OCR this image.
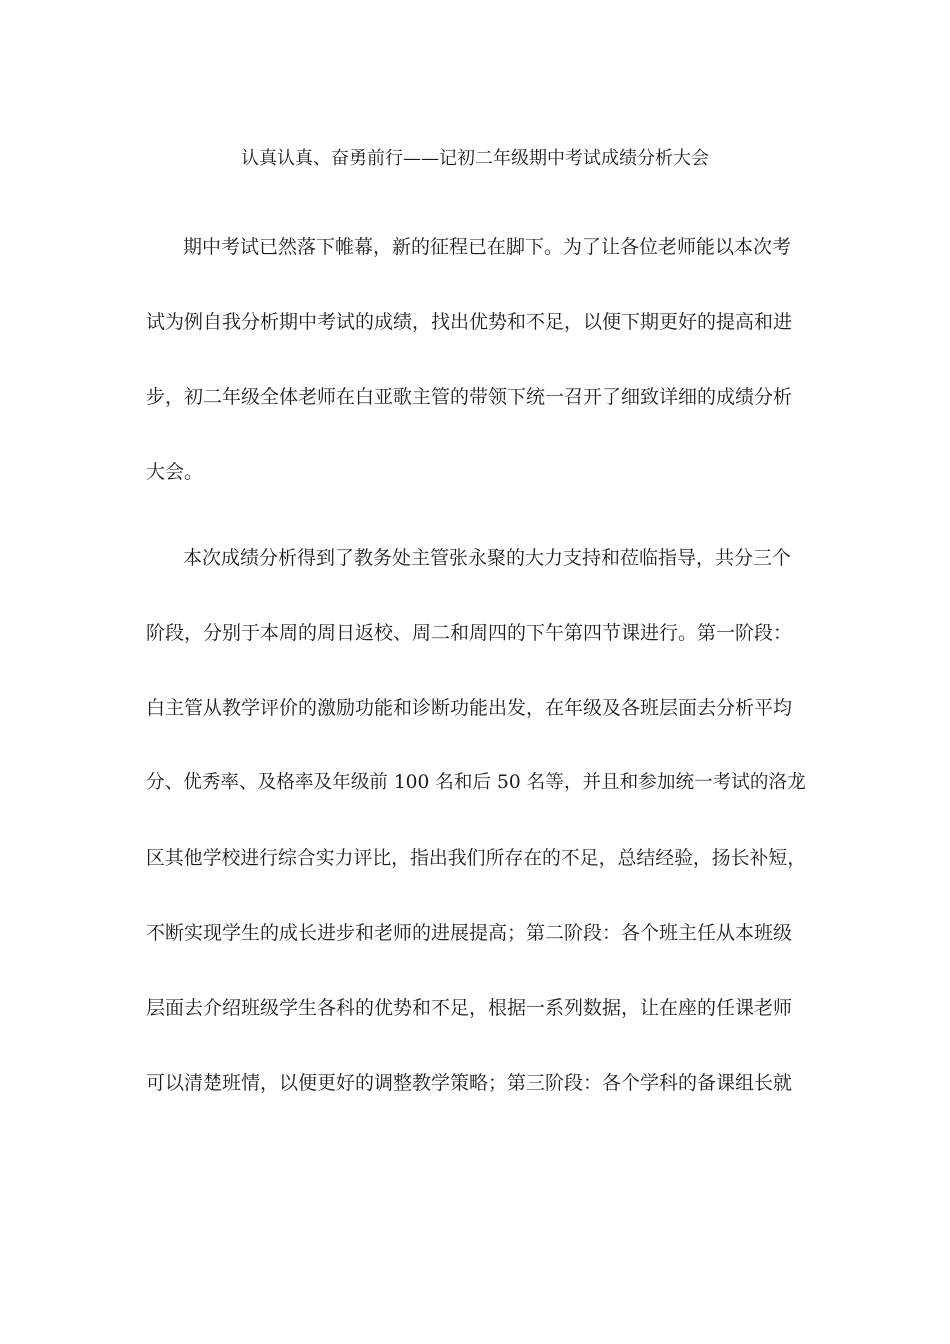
认真认真、奋勇前行——记初二年级期中考试成绩分析大会
期中考试已然落下帷幕，新的征程已在脚下。为了让各位老师能以本次考
试为例自我分析期中考试的成绩，找出优势和不足，以便下期更好的提高和进
步，初二年级全体老师在白亚歌主管的带领下统一召开了细致详细的成绩分析
大会。
本次成绩分析得到了教务处主管张永聚的大力支持和莅临指导，共分三个
阶段，分别于本周的周日返校、周二和周四的下午第四节课进行。第一阶段：
白主管从教学评价的激励功能和诊断功能出发，在年级及各班层面去分析平均
分、优秀率、及格率及年级前 100 名和后 50 名等，并且和参加统一考试的洛龙
区其他学校进行综合实力评比，指出我们所存在的不足，总结经验，扬长补短，
不断实现学生的成长进步和老师的进展提高；第二阶段：各个班主任从本班级
层面去介绍班级学生各科的优势和不足，根据一系列数据，让在座的任课老师
可以清楚班情，以便更好的调整教学策略；第三阶段：各个学科的备课组长就
